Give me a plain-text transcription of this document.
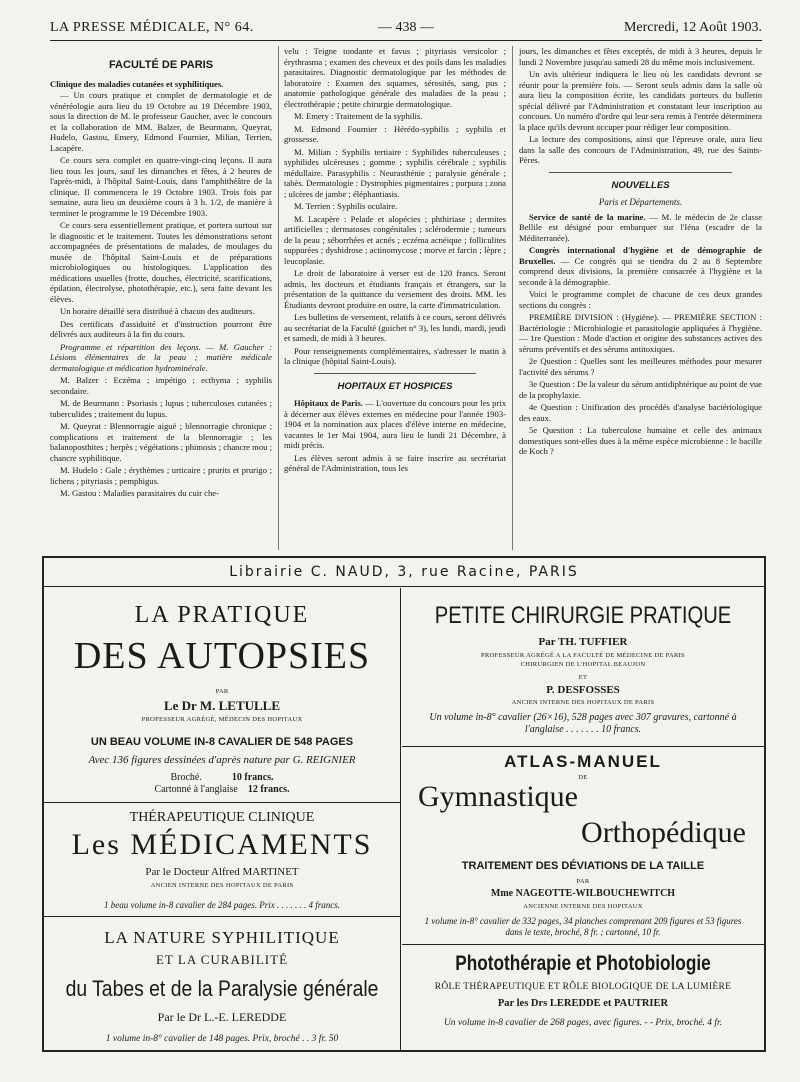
LA PRESSE MÉDICALE, N° 64.	— 438 —	Mercredi, 12 Août 1903.
FACULTÉ DE PARIS
Clinique des maladies cutanées et syphilitiques.

— Un cours pratique et complet de dermatologie et de vénéréologie aura lieu du 19 Octobre au 19 Décembre 1903, sous la direction de M. le professeur Gaucher, avec le concours et la collaboration de MM. Balzer, de Beurmann, Queyrat, Hudelo, Gastou, Emery, Edmond Fournier, Milian, Terrien, Lacapère.

Ce cours sera complet en quatre-vingt-cinq leçons. Il aura lieu tous les jours, sauf les dimanches et fêtes, à 2 heures de l'après-midi, à l'hôpital Saint-Louis, dans l'amphithéâtre de la clinique. Il commencera le 19 Octobre 1903. Trois fois par semaine, aura lieu un deuxième cours à 3 h. 1/2, de manière à terminer le programme le 19 Décembre 1903.

Ce cours sera essentiellement pratique, et portera surtout sur le diagnostic et le traitement. Toutes les démonstrations seront accompagnées de présentations de malades, de moulages du musée de l'hôpital Saint-Louis et de préparations microbiologiques ou histologiques. L'application des médications usuelles (frotte, douches, électricité, scarifications, épilation, électrolyse, photothérapie, etc.), sera faite devant les élèves.

Un horaire détaillé sera distribué à chacun des auditeurs.

Des certificats d'assiduité et d'instruction pourront être délivrés aux auditeurs à la fin du cours.

Programme et répartition des leçons. — M. Gaucher : Lésions élémentaires de la peau ; matière médicale dermatologique et médication hydrominérale.

M. Balzer : Eczéma ; impétigo ; ecthyma ; syphilis secondaire.

M. de Beurmann : Psoriasis ; lupus ; tuberculoses cutanées ; tuberculides ; traitement du lupus.

M. Queyrat : Blennorragie aiguë ; blennorragie chronique ; complications et traitement de la blennorragie ; les balanoposthites ; herpès ; végétations ; phimosis ; chancre mou ; chancre syphilitique.

M. Hudelo : Gale ; érythèmes ; urticaire ; prurits et prurigo ; lichens ; pityriasis ; pemphigus.

M. Gastou : Maladies parasitaires du cuir che-

velu : Teigne tondante et favus ; pityriasis versicolor ; érythrasma ; examen des cheveux et des poils dans les maladies parasitaires. Diagnostic dermatologique par les méthodes de laboratoire : Examen des squames, sérosités, sang, pus ; anatomie pathologique générale des maladies de la peau ; électrothérapie ; petite chirurgie dermatologique.

M. Emery : Traitement de la syphilis.

M. Edmond Fournier : Hérédo-syphilis ; syphilis et grossesse.

M. Milian : Syphilis tertiaire : Syphilides tuberculeuses ; syphilides ulcéreuses ; gomme ; syphilis cérébrale ; syphilis médullaire. Parasyphilis : Neurasthénie ; paralysie générale ; tabès. Dermatologie : Dystrophies pigmentaires ; purpura ; zona ; ulcères de jambe ; éléphantiasis.

M. Terrien : Syphilis oculaire.

M. Lacapère : Pelade et alopécies ; phthiriase ; dermites artificielles ; dermatoses congénitales ; sclérodermie ; tumeurs de la peau ; séborrhées et acnés ; eczéma acnéique ; folliculites suppurées ; dyshidrose ; actinomycose ; morve et farcin ; lèpre ; leucoplasie.

Le droit de laboratoire à verser est de 120 francs. Seront admis, les docteurs et étudiants français et étrangers, sur la présentation de la quittance du versement des droits. MM. les Étudiants devront produire en outre, la carte d'immatriculation.

Les bulletins de versement, relatifs à ce cours, seront délivrés au secrétariat de la Faculté (guichet n° 3), les lundi, mardi, jeudi et samedi, de midi à 3 heures.

Pour renseignements complémentaires, s'adresser le matin à la clinique (hôpital Saint-Louis).

HOPITAUX ET HOSPICES

Hôpitaux de Paris. — L'ouverture du concours pour les prix à décerner aux élèves externes en médecine pour l'année 1903-1904 et la nomination aux places d'élève interne en médecine, vacantes le 1er Mai 1904, aura lieu le lundi 21 Décembre, à midi précis.

Les élèves seront admis à se faire inscrire au secrétariat général de l'Administration, tous les

jours, les dimanches et fêtes exceptés, de midi à 3 heures, depuis le lundi 2 Novembre jusqu'au samedi 28 du même mois inclusivement.

Un avis ultérieur indiquera le lieu où les candidats devront se réunir pour la première fois. — Seront seuls admis dans la salle où aura lieu la composition écrite, les candidats porteurs du bulletin spécial délivré par l'Administration et constatant leur inscription au concours. Un numéro d'ordre qui leur sera remis à l'entrée déterminera la place qu'ils devront occuper pour rédiger leur composition.

La lecture des compositions, ainsi que l'épreuve orale, aura lieu dans la salle des concours de l'Administration, 49, rue des Saints-Pères.

NOUVELLES
Paris et Départements.

Service de santé de la marine. — M. le médecin de 2e classe Bellile est désigné pour embarquer sur l'Iéna (escadre de la Méditerranée).

Congrès international d'hygiène et de démographie de Bruxelles. — Ce congrès qui se tiendra du 2 au 8 Septembre comprend deux divisions, la première consacrée à l'hygiène et la seconde à la démographie.

Voici le programme complet de chacune de ces deux grandes sections du congrès :

PREMIÈRE DIVISION : (Hygiène). — PREMIÈRE SECTION : Bactériologie : Microbiologie et parasitologie appliquées à l'hygiène. — 1re Question : Mode d'action et origine des substances actives des sérums préventifs et des sérums antitoxiques.

2e Question : Quelles sont les meilleures méthodes pour mesurer l'activité des sérums ?

3e Question : De la valeur du sérum antidiphtérique au point de vue de la prophylaxie.

4e Question : Unification des procédés d'analyse bactériologique des eaux.

5e Question : La tuberculose humaine et celle des animaux domestiques sont-elles dues à la même espèce microbienne : le bacille de Koch ?

Librairie C. NAUD, 3, rue Racine, PARIS
LA PRATIQUE
DES AUTOPSIES
PAR
Le Dr M. LETULLE
PROFESSEUR AGRÉGÉ, MÉDECIN DES HOPITAUX
UN BEAU VOLUME IN-8 CAVALIER DE 548 PAGES
Avec 136 figures dessinées d'après nature par G. REIGNIER
Broché.	10 francs.
Cartonné à l'anglaise 12 francs.
THÉRAPEUTIQUE CLINIQUE
Les MÉDICAMENTS
Par le Docteur Alfred MARTINET
ANCIEN INTERNE DES HOPITAUX DE PARIS
1 beau volume in-8 cavalier de 284 pages. Prix . . . . . . . 4 francs.
LA NATURE SYPHILITIQUE
ET LA CURABILITÉ
du Tabes et de la Paralysie générale
Par le Dr L.-E. LEREDDE
1 volume in-8° cavalier de 148 pages. Prix, broché . . 3 fr. 50
PETITE CHIRURGIE PRATIQUE
Par TH. TUFFIER
PROFESSEUR AGRÉGÉ A LA FACULTÉ DE MÉDECINE DE PARIS
CHIRURGIEN DE L'HOPITAL BEAUJON
ET
P. DESFOSSES
ANCIEN INTERNE DES HOPITAUX DE PARIS
Un volume in-8° cavalier (26×16), 528 pages avec 307 gravures, cartonné à l'anglaise . . . . . . . 10 francs.
ATLAS-MANUEL
DE
Gymnastique
Orthopédique
TRAITEMENT DES DÉVIATIONS DE LA TAILLE
PAR
Mme NAGEOTTE-WILBOUCHEWITCH
ANCIENNE INTERNE DES HOPITAUX
1 volume in-8° cavalier de 332 pages, 34 planches comprenant 209 figures et 53 figures dans le texte, broché, 8 fr. ; cartonné, 10 fr.
Photothérapie et Photobiologie
RÔLE THÉRAPEUTIQUE ET RÔLE BIOLOGIQUE DE LA LUMIÈRE
Par les Drs LEREDDE et PAUTRIER
Un volume in-8 cavalier de 268 pages, avec figures. - - Prix, broché. 4 fr.
